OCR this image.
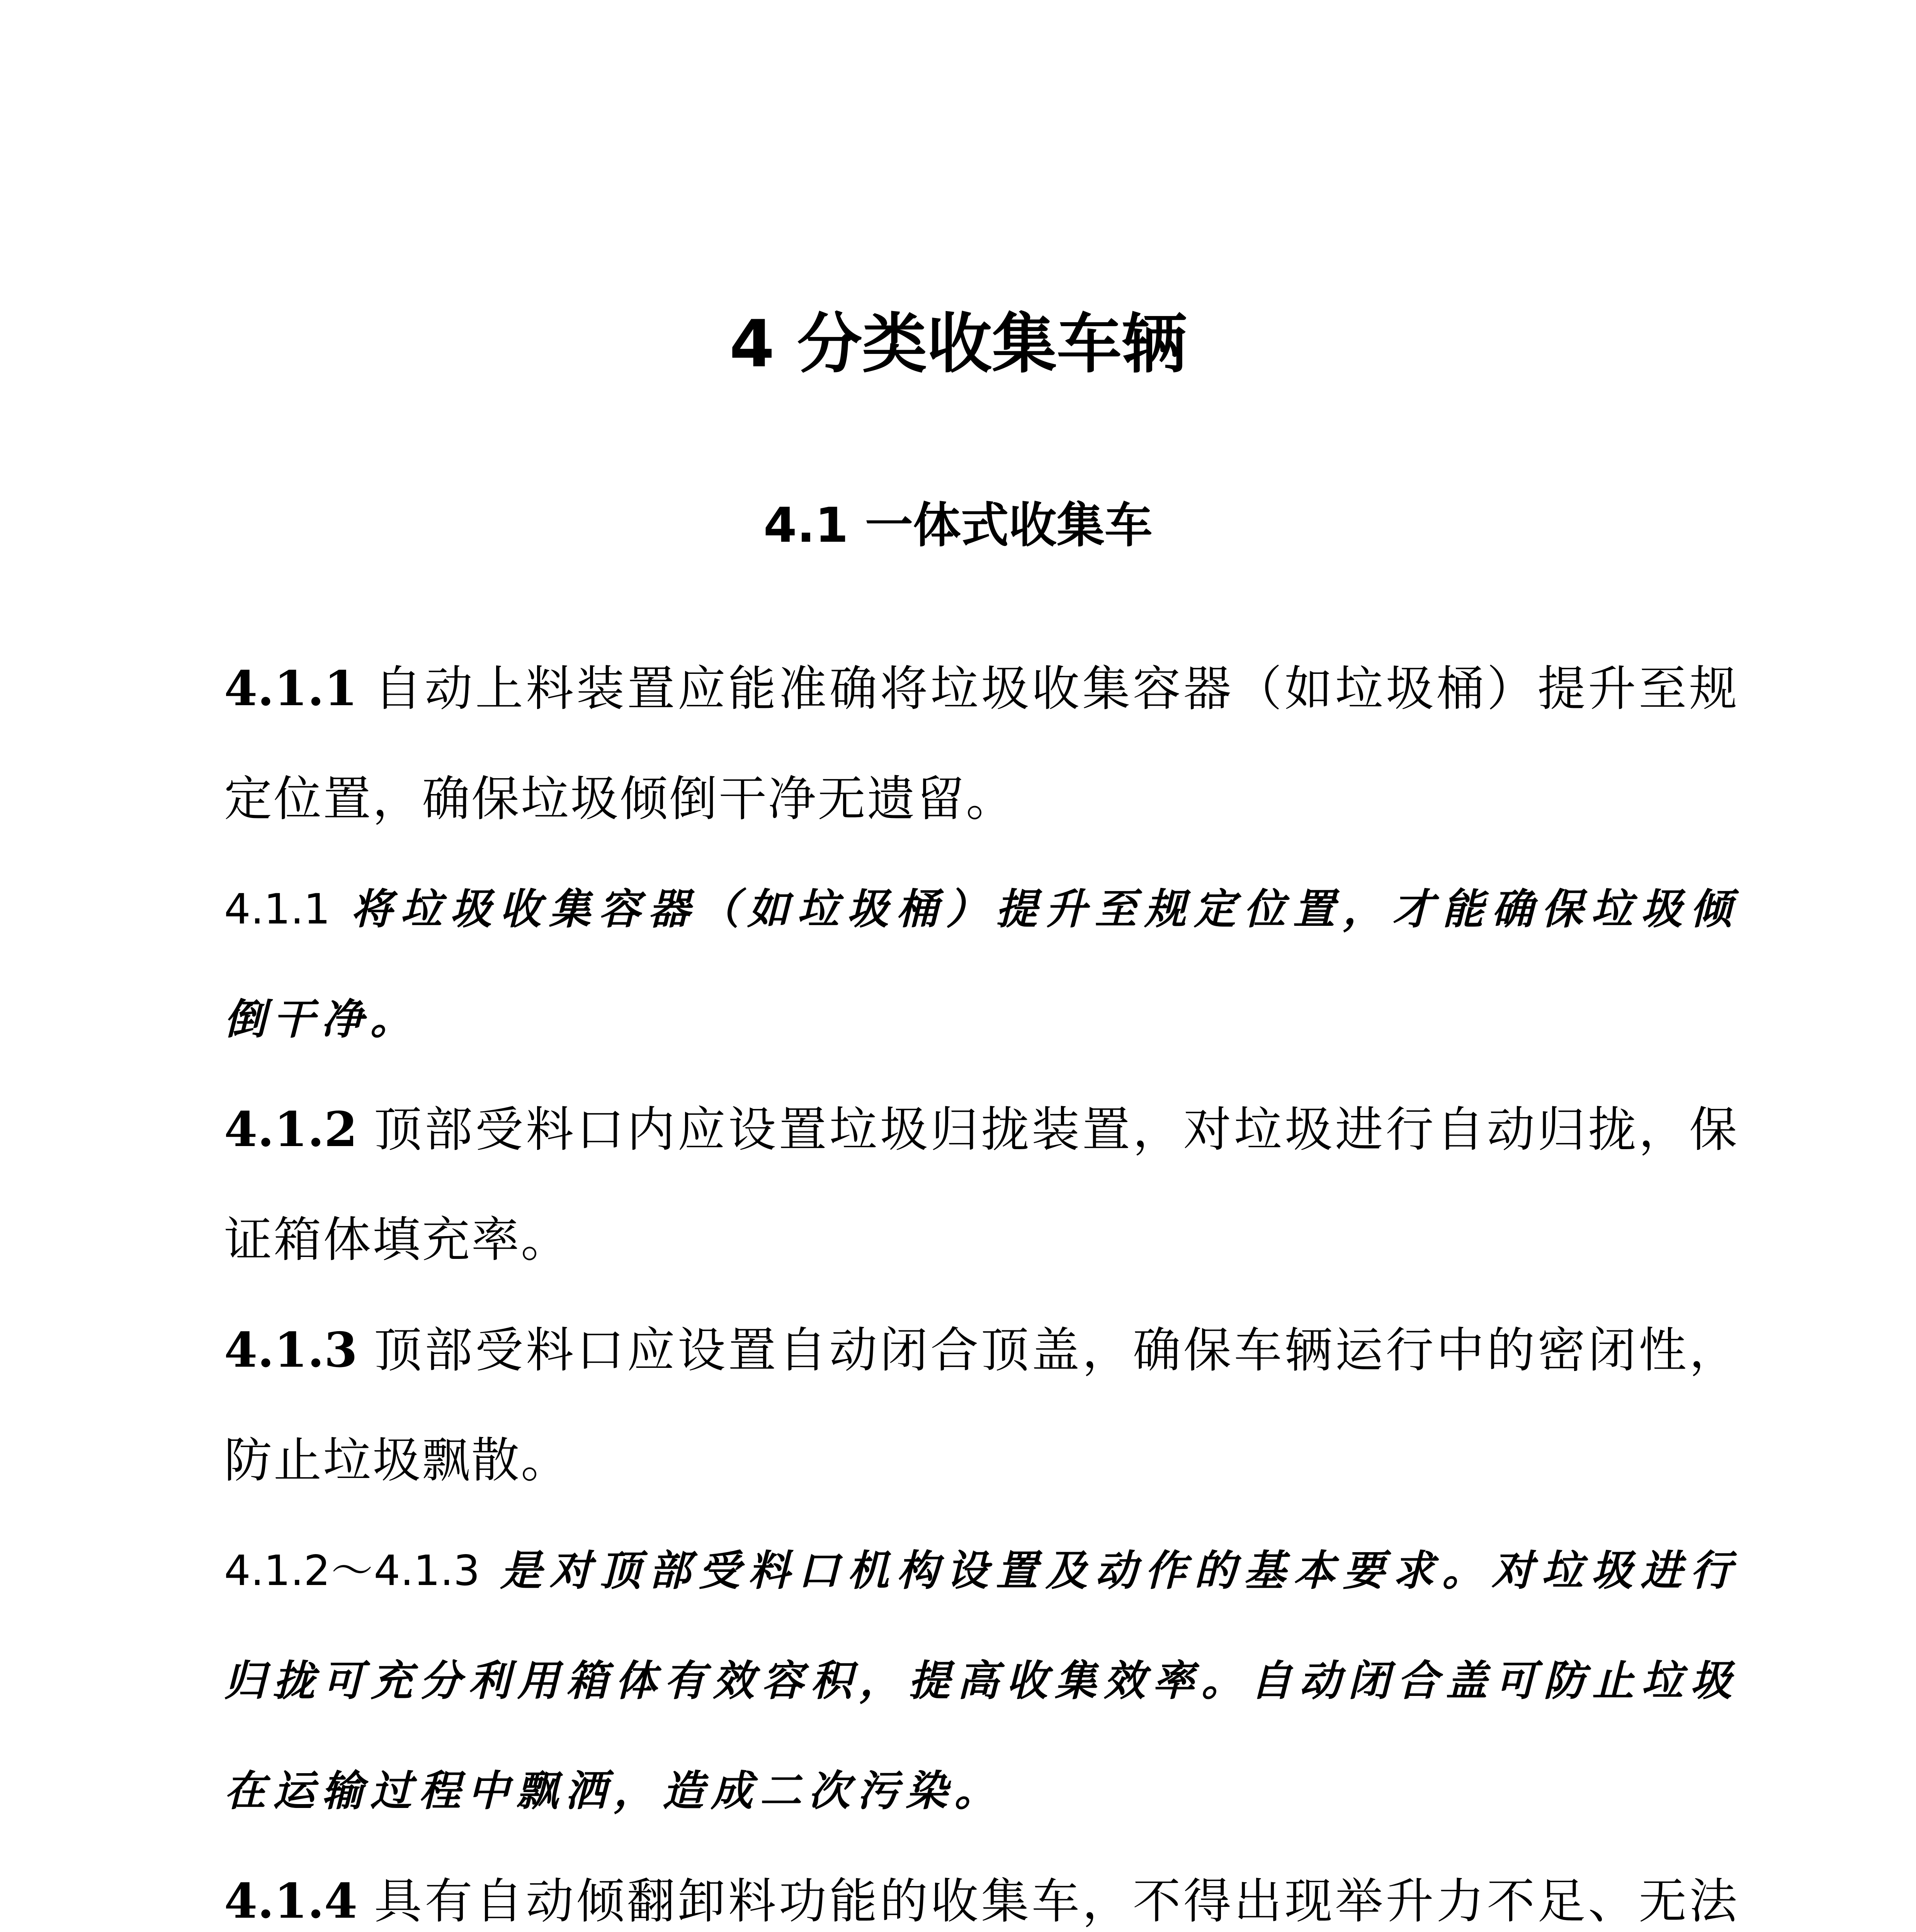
4 分类收集车辆
4.1 一体式收集车

4.1.1 自动上料装置应能准确将垃圾收集容器（如垃圾桶）提升至规定位置，确保垃圾倾倒干净无遗留。

4.1.1 将垃圾收集容器（如垃圾桶）提升至规定位置，才能确保垃圾倾倒干净。

4.1.2 顶部受料口内应设置垃圾归拢装置，对垃圾进行自动归拢，保证箱体填充率。

4.1.3 顶部受料口应设置自动闭合顶盖，确保车辆运行中的密闭性，防止垃圾飘散。

4.1.2～4.1.3 是对顶部受料口机构设置及动作的基本要求。对垃圾进行归拢可充分利用箱体有效容积，提高收集效率。自动闭合盖可防止垃圾在运输过程中飘洒，造成二次污染。

4.1.4 具有自动倾翻卸料功能的收集车，不得出现举升力不足、无法
